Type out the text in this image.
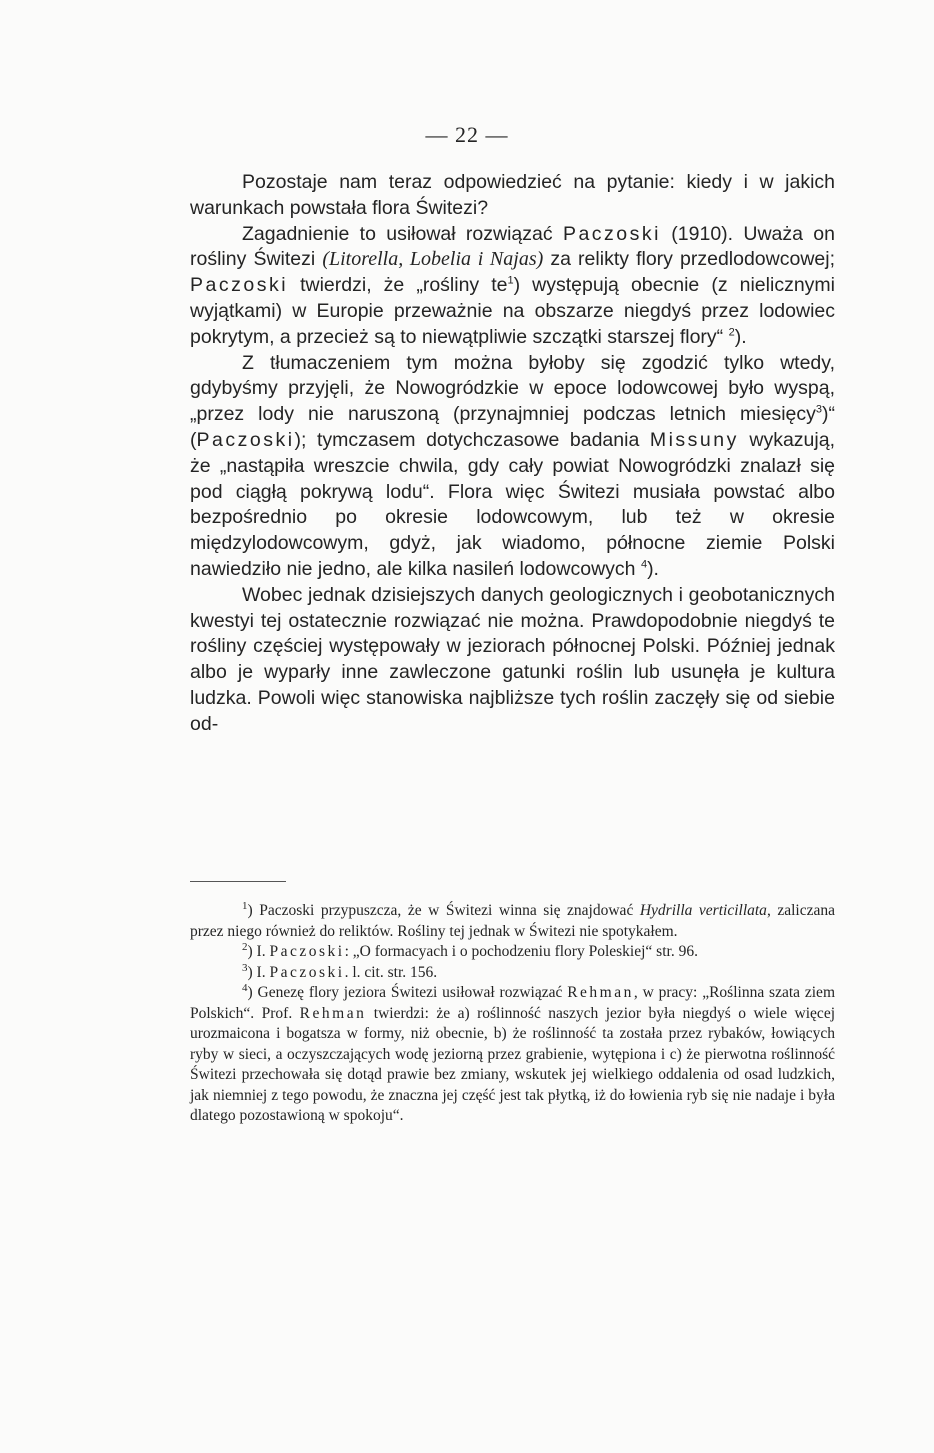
— 22 —

Pozostaje nam teraz odpowiedzieć na pytanie: kiedy i w jakich warunkach powstała flora Świtezi?

Zagadnienie to usiłował rozwiązać Paczoski (1910). Uważa on rośliny Świtezi (Litorella, Lobelia i Najas) za relikty flory przedlodowcowej; Paczoski twierdzi, że „rośliny $te^1$) występują obecnie (z nielicznymi wyjątkami) w Europie przeważnie na obszarze niegdyś przez lodowiec pokrytym, a przecież są to niewątpliwie szczątki starszej flory“ $^2$).

Z tłumaczeniem tym można byłoby się zgodzić tylko wtedy, gdybyśmy przyjęli, że Nowogródzkie w epoce lodowcowej było wyspą, „przez lody nie naruszoną (przynajmniej podczas letnich miesięcy$^3$)“ (Paczoski); tymczasem dotychczasowe badania Missuny wykazują, że „nastąpiła wreszcie chwila, gdy cały powiat Nowogródzki znalazł się pod ciągłą pokrywą lodu“. Flora więc Świtezi musiała powstać albo bezpośrednio po okresie lodowcowym, lub też w okresie międzylodowcowym, gdyż, jak wiadomo, północne ziemie Polski nawiedziło nie jedno, ale kilka nasileń lodowcowych $^4$).

Wobec jednak dzisiejszych danych geologicznych i geobotanicznych kwestyi tej ostatecznie rozwiązać nie można. Prawdopodobnie niegdyś te rośliny częściej występowały w jeziorach północnej Polski. Później jednak albo je wyparły inne zawleczone gatunki roślin lub usunęła je kultura ludzka. Powoli więc stanowiska najbliższe tych roślin zaczęły się od siebie od-

$^1$) Paczoski przypuszcza, że w Świtezi winna się znajdować Hydrilla verticillata, zaliczana przez niego również do reliktów. Rośliny tej jednak w Świtezi nie spotykałem.

$^2$) I. Paczoski: „O formacyach i o pochodzeniu flory Poleskiej“ str. 96.

$^3$) I. Paczoski. l. cit. str. 156.

$^4$) Genezę flory jeziora Świtezi usiłował rozwiązać Rehman, w pracy: „Roślinna szata ziem Polskich“. Prof. Rehman twierdzi: że a) roślinność naszych jezior była niegdyś o wiele więcej urozmaicona i bogatsza w formy, niż obecnie, b) że roślinność ta została przez rybaków, łowiących ryby w sieci, a oczyszczających wodę jeziorną przez grabienie, wytępiona i c) że pierwotna roślinność Świtezi przechowała się dotąd prawie bez zmiany, wskutek jej wielkiego oddalenia od osad ludzkich, jak niemniej z tego powodu, że znaczna jej część jest tak płytką, iż do łowienia ryb się nie nadaje i była dlatego pozostawioną w spokoju“.
